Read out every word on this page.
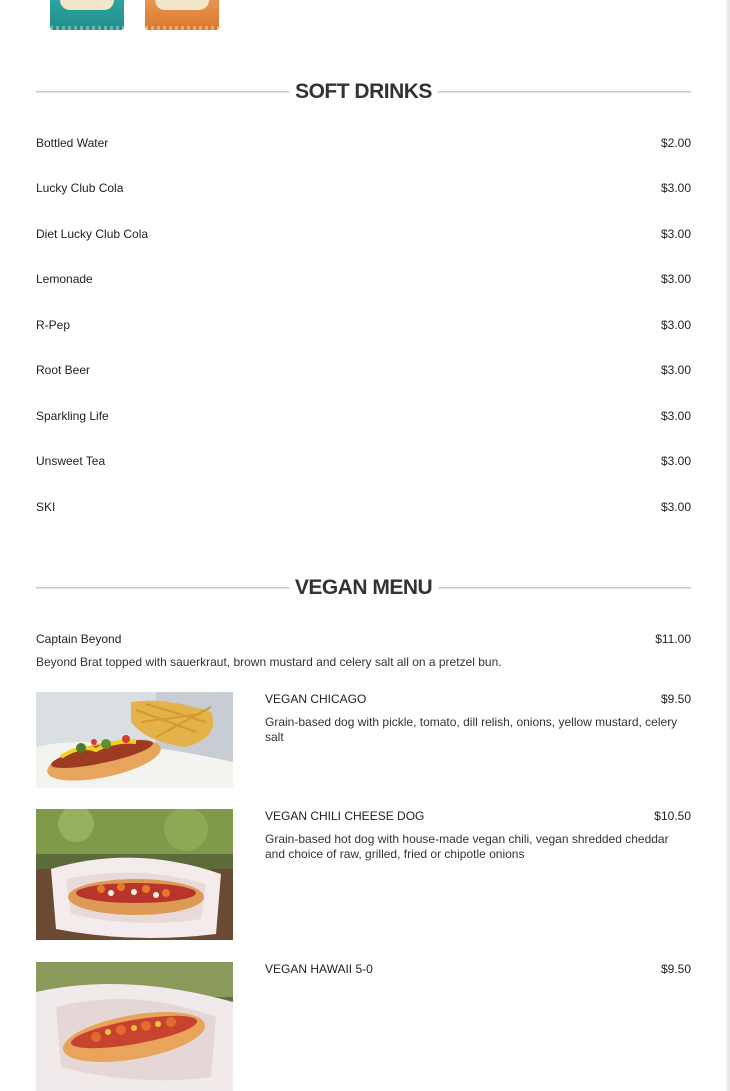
SOFT DRINKS
Bottled Water	$2.00
Lucky Club Cola	$3.00
Diet Lucky Club Cola	$3.00
Lemonade	$3.00
R-Pep	$3.00
Root Beer	$3.00
Sparkling Life	$3.00
Unsweet Tea	$3.00
SKI	$3.00
VEGAN MENU
Captain Beyond	$11.00
Beyond Brat topped with sauerkraut, brown mustard and celery salt all on a pretzel bun.
VEGAN CHICAGO	$9.50
Grain-based dog with pickle, tomato, dill relish, onions, yellow mustard, celery salt
VEGAN CHILI CHEESE DOG	$10.50
Grain-based hot dog with house-made vegan chili, vegan shredded cheddar and choice of raw, grilled, fried or chipotle onions
VEGAN HAWAII 5-0	$9.50
